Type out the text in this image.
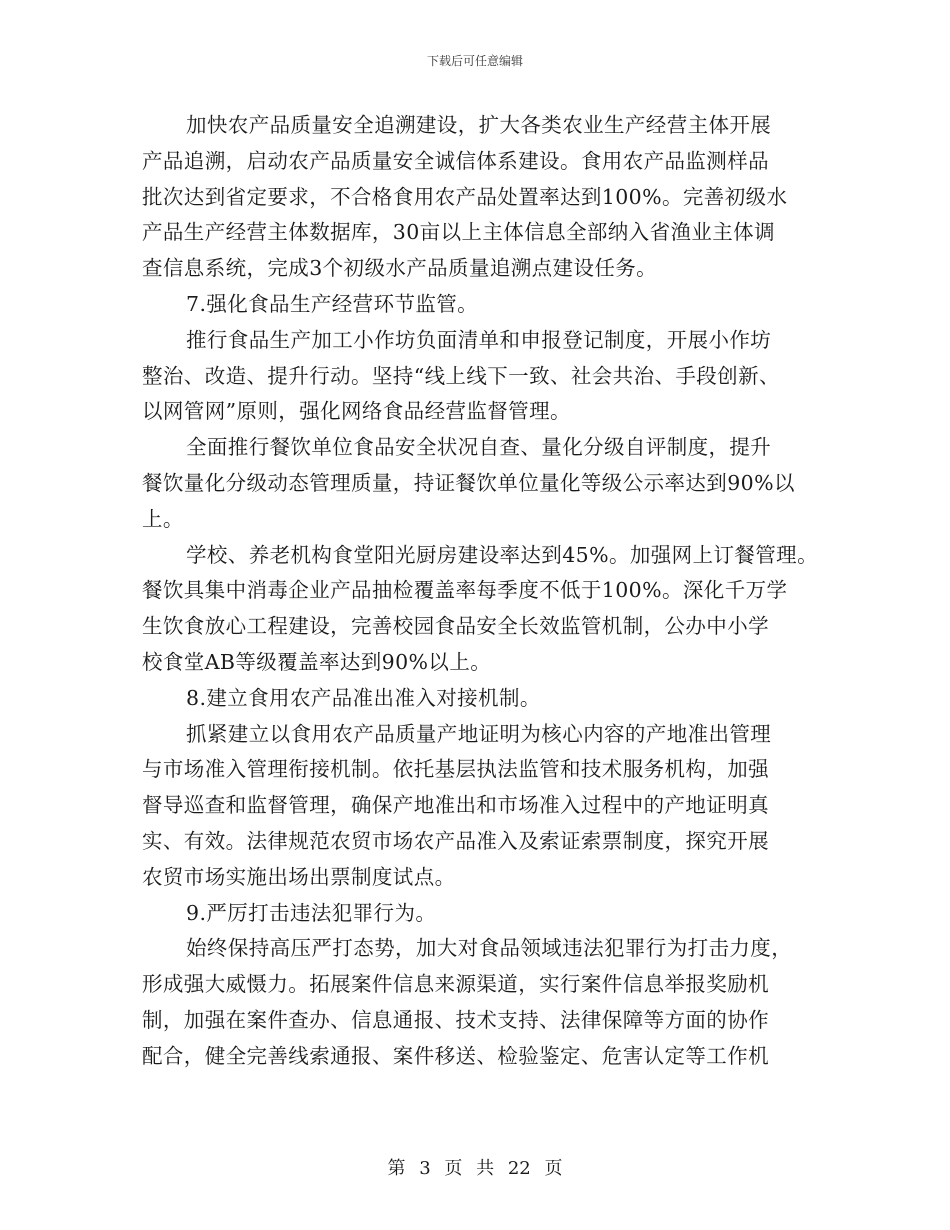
下载后可任意编辑
加快农产品质量安全追溯建设，扩大各类农业生产经营主体开展
产品追溯，启动农产品质量安全诚信体系建设。食用农产品监测样品
批次达到省定要求，不合格食用农产品处置率达到100%。完善初级水
产品生产经营主体数据库，30亩以上主体信息全部纳入省渔业主体调
查信息系统，完成3个初级水产品质量追溯点建设任务。
7.强化食品生产经营环节监管。
推行食品生产加工小作坊负面清单和申报登记制度，开展小作坊
整治、改造、提升行动。坚持“线上线下一致、社会共治、手段创新、
以网管网”原则，强化网络食品经营监督管理。
全面推行餐饮单位食品安全状况自查、量化分级自评制度，提升
餐饮量化分级动态管理质量，持证餐饮单位量化等级公示率达到90%以
上。
学校、养老机构食堂阳光厨房建设率达到45%。加强网上订餐管理。
餐饮具集中消毒企业产品抽检覆盖率每季度不低于100%。深化千万学
生饮食放心工程建设，完善校园食品安全长效监管机制，公办中小学
校食堂AB等级覆盖率达到90%以上。
8.建立食用农产品准出准入对接机制。
抓紧建立以食用农产品质量产地证明为核心内容的产地准出管理
与市场准入管理衔接机制。依托基层执法监管和技术服务机构，加强
督导巡查和监督管理，确保产地准出和市场准入过程中的产地证明真
实、有效。法律规范农贸市场农产品准入及索证索票制度，探究开展
农贸市场实施出场出票制度试点。
9.严厉打击违法犯罪行为。
始终保持高压严打态势，加大对食品领域违法犯罪行为打击力度，
形成强大威慑力。拓展案件信息来源渠道，实行案件信息举报奖励机
制，加强在案件查办、信息通报、技术支持、法律保障等方面的协作
配合，健全完善线索通报、案件移送、检验鉴定、危害认定等工作机
第 3 页 共 22 页
